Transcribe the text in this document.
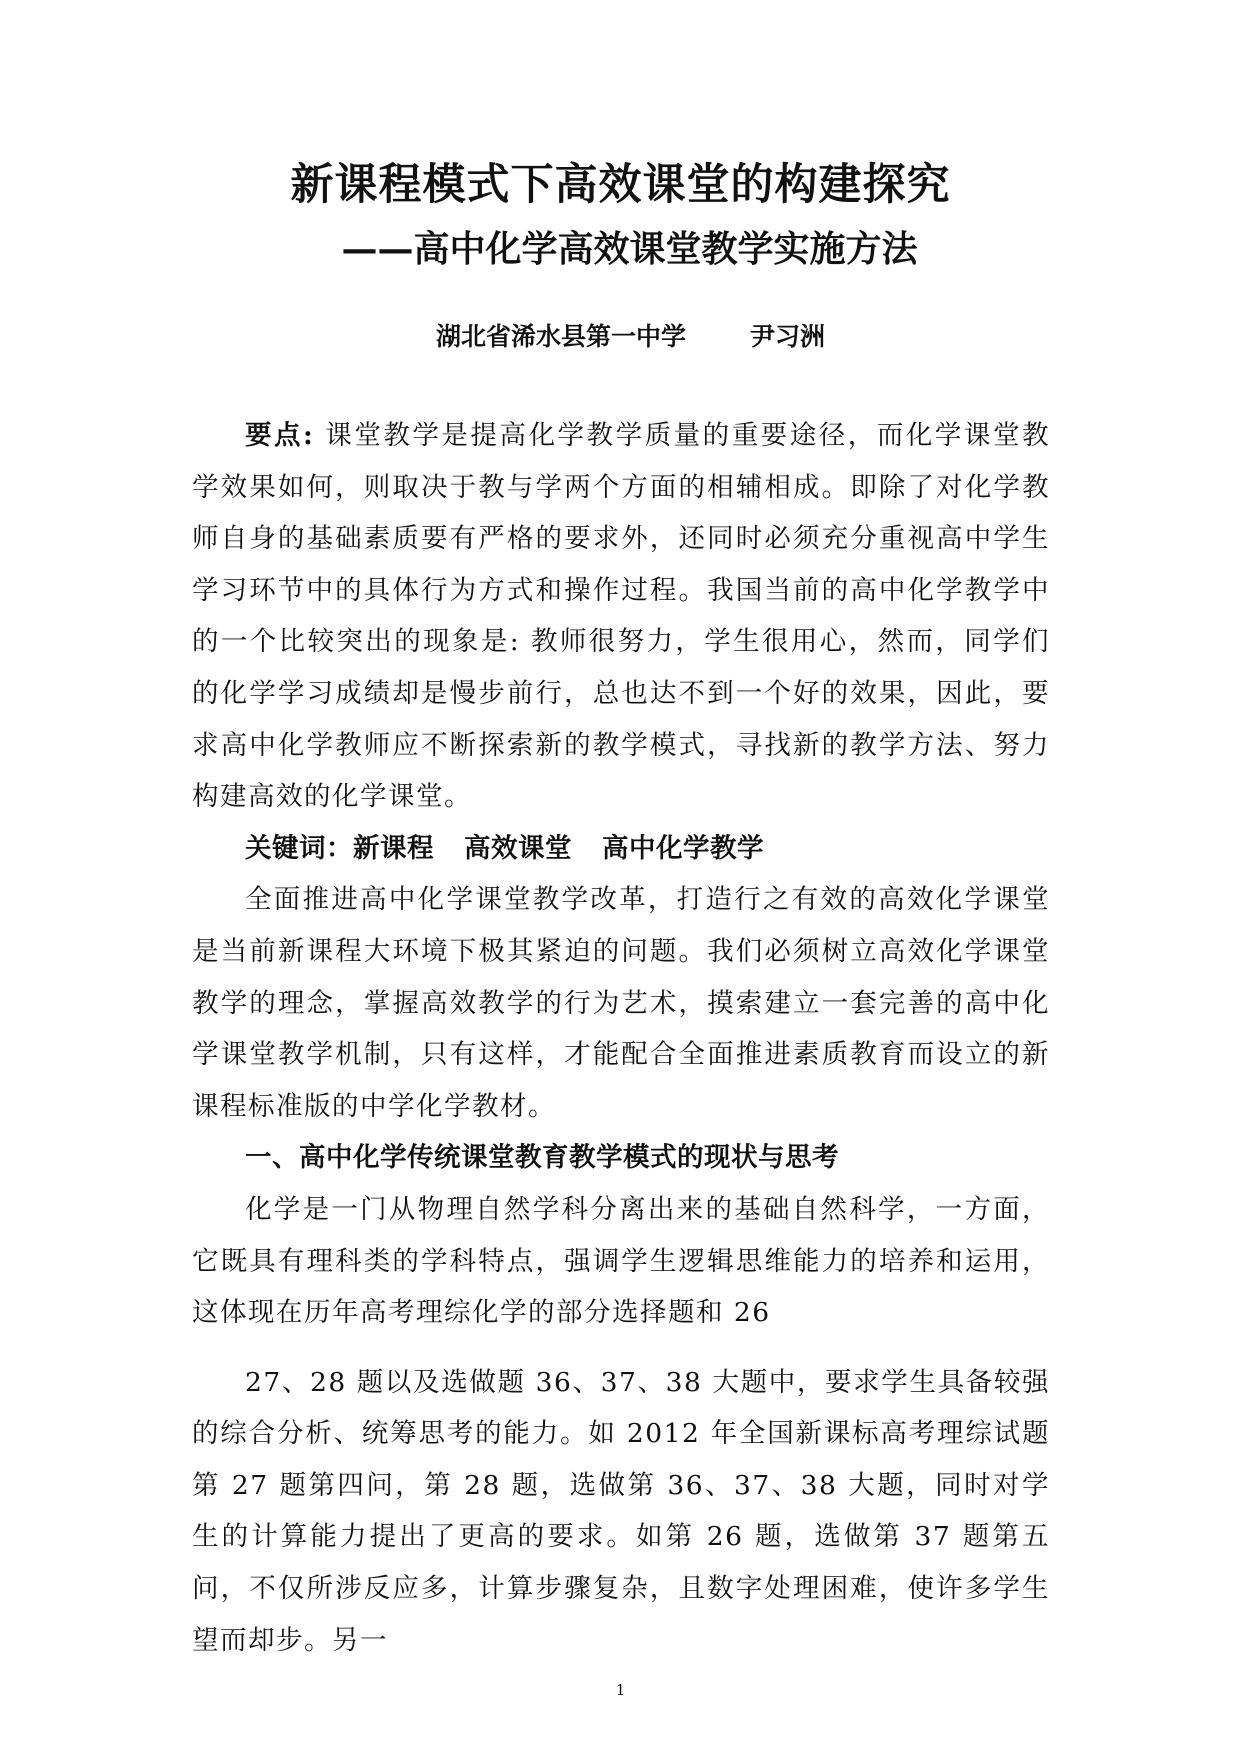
新课程模式下高效课堂的构建探究
——高中化学高效课堂教学实施方法
湖北省浠水县第一中学	尹习洲

要点: 课堂教学是提高化学教学质量的重要途径，而化学课堂教学效果如何，则取决于教与学两个方面的相辅相成。即除了对化学教师自身的基础素质要有严格的要求外，还同时必须充分重视高中学生学习环节中的具体行为方式和操作过程。我国当前的高中化学教学中的一个比较突出的现象是: 教师很努力，学生很用心，然而，同学们的化学学习成绩却是慢步前行，总也达不到一个好的效果，因此，要求高中化学教师应不断探索新的教学模式，寻找新的教学方法、努力构建高效的化学课堂。

关键词：新课程 高效课堂 高中化学教学

全面推进高中化学课堂教学改革，打造行之有效的高效化学课堂是当前新课程大环境下极其紧迫的问题。我们必须树立高效化学课堂教学的理念，掌握高效教学的行为艺术，摸索建立一套完善的高中化学课堂教学机制，只有这样，才能配合全面推进素质教育而设立的新课程标准版的中学化学教材。

一、高中化学传统课堂教育教学模式的现状与思考

化学是一门从物理自然学科分离出来的基础自然科学，一方面，它既具有理科类的学科特点，强调学生逻辑思维能力的培养和运用，这体现在历年高考理综化学的部分选择题和 26

27、28 题以及选做题 36、37、38 大题中，要求学生具备较强的综合分析、统筹思考的能力。如 2012 年全国新课标高考理综试题第 27 题第四问，第 28 题，选做第 36、37、38 大题，同时对学生的计算能力提出了更高的要求。如第 26 题，选做第 37 题第五问，不仅所涉反应多，计算步骤复杂，且数字处理困难，使许多学生望而却步。另一

1
